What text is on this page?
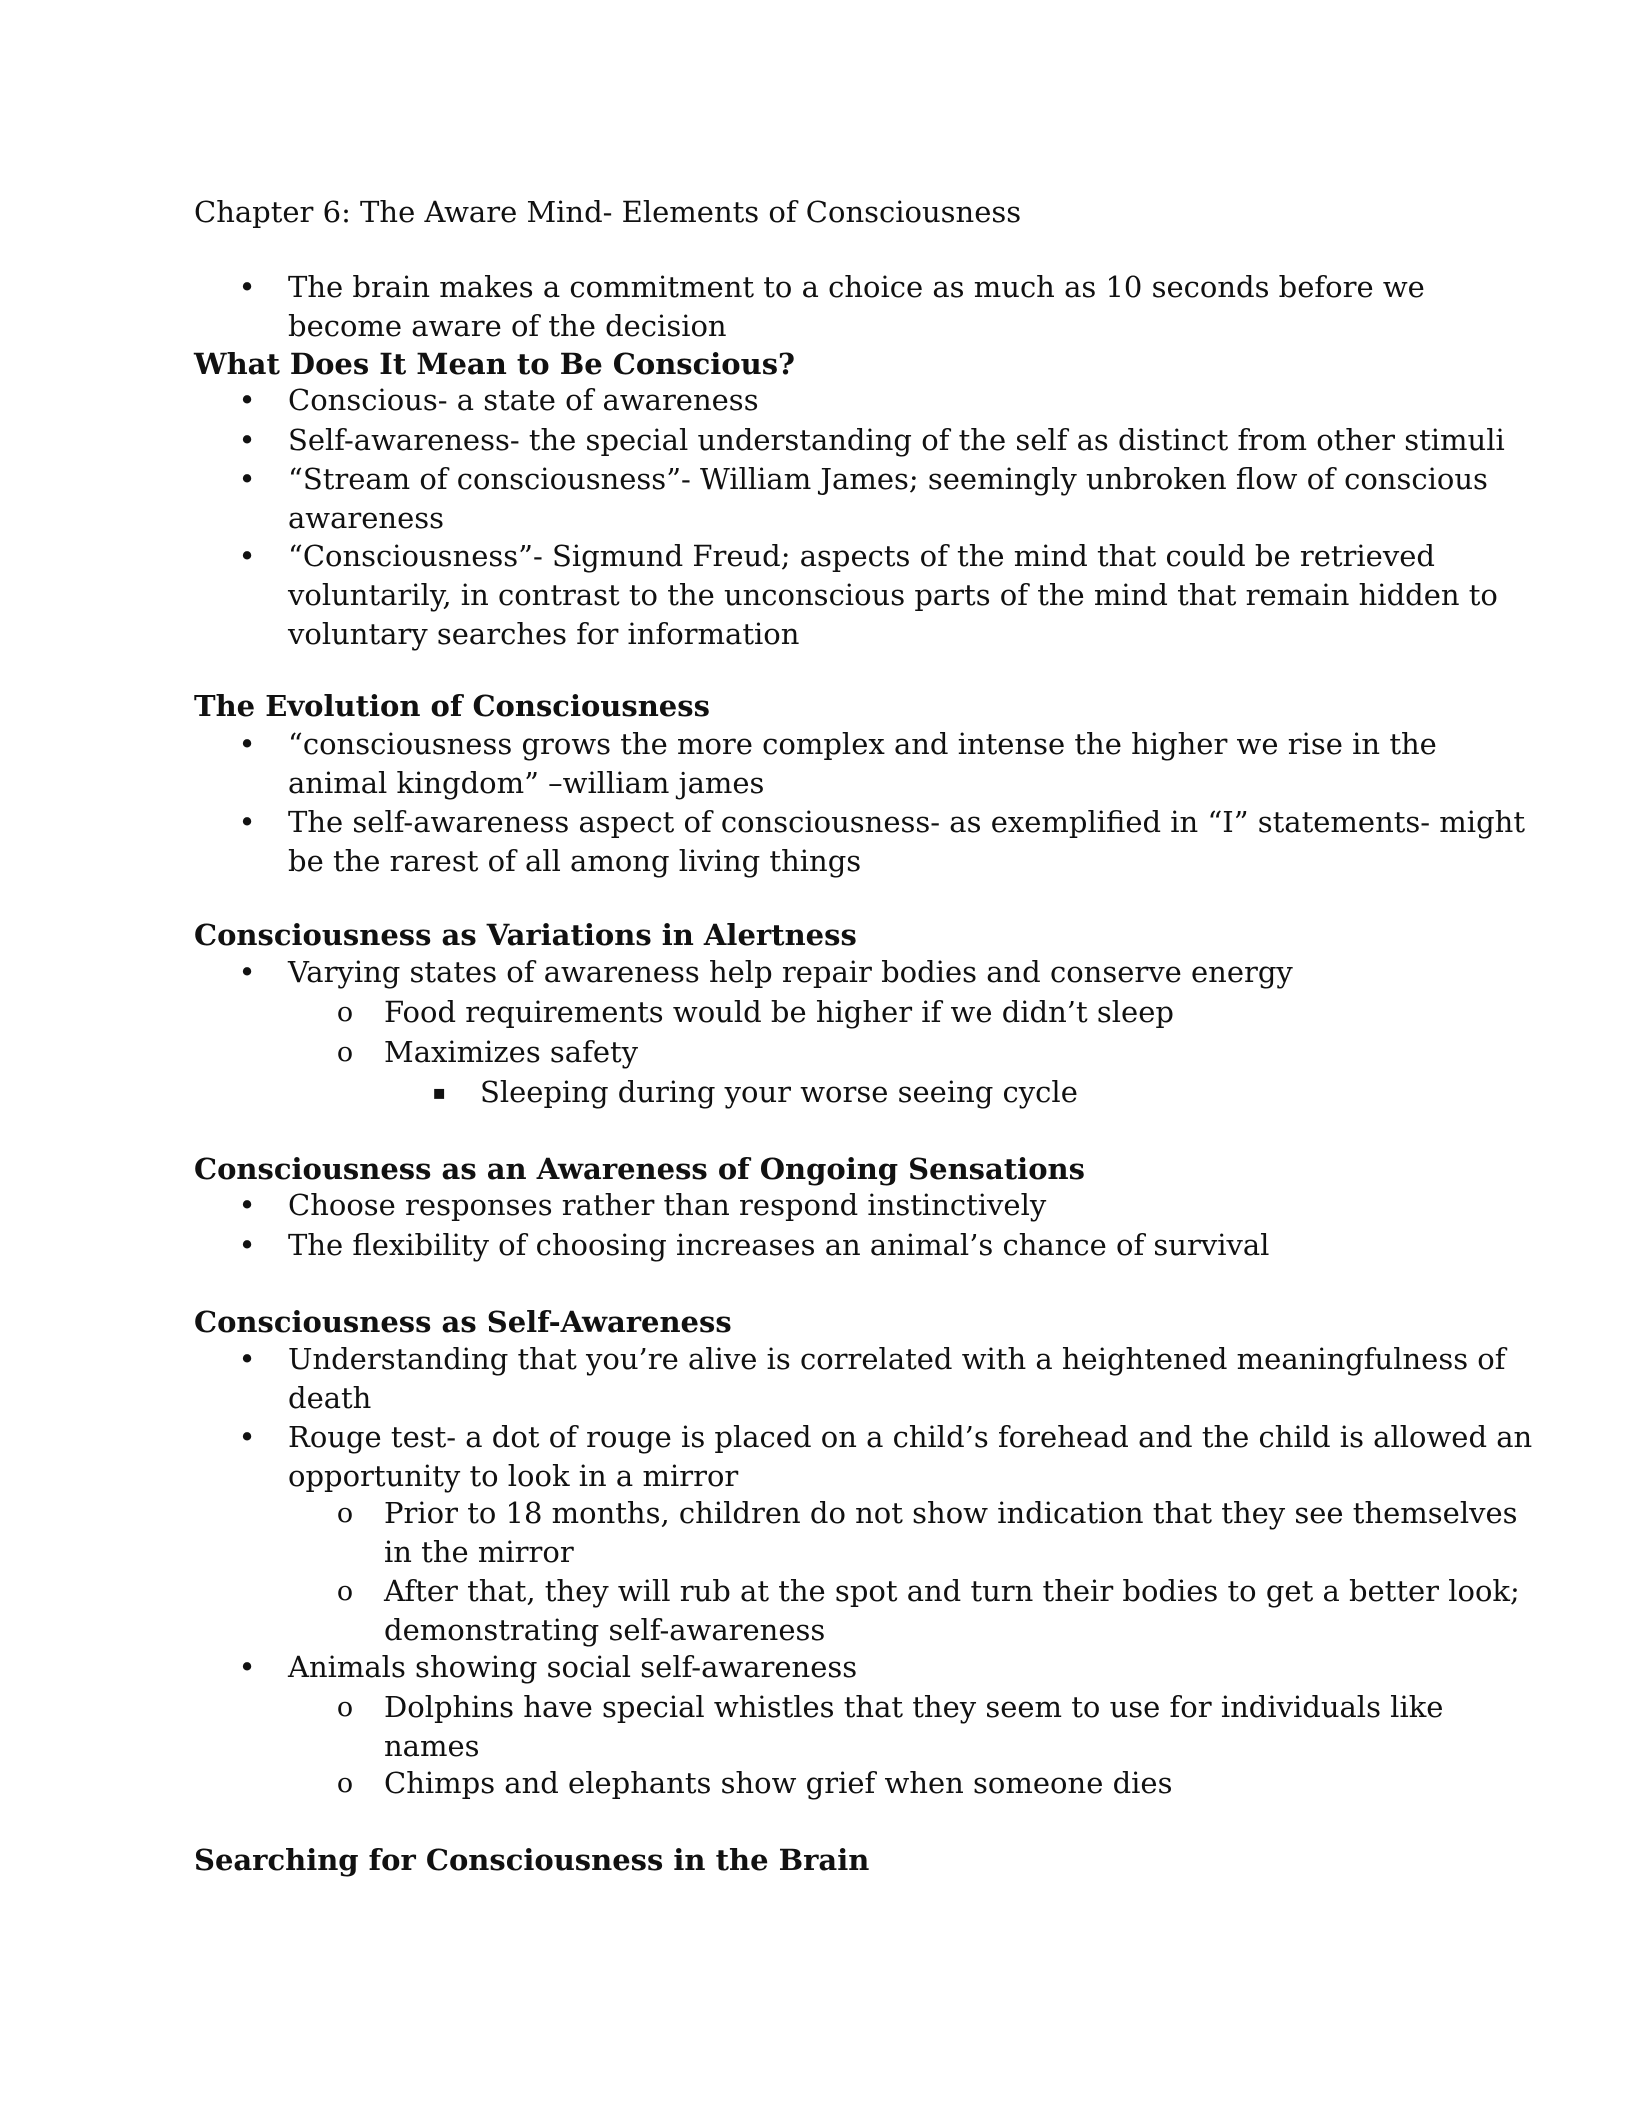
Chapter 6: The Aware Mind- Elements of Consciousness
• The brain makes a commitment to a choice as much as 10 seconds before we
become aware of the decision
What Does It Mean to Be Conscious?
• Conscious- a state of awareness
• Self-awareness- the special understanding of the self as distinct from other stimuli
• “Stream of consciousness”- William James; seemingly unbroken flow of conscious
awareness
• “Consciousness”- Sigmund Freud; aspects of the mind that could be retrieved
voluntarily, in contrast to the unconscious parts of the mind that remain hidden to
voluntary searches for information
The Evolution of Consciousness
• “consciousness grows the more complex and intense the higher we rise in the
animal kingdom” –william james
• The self-awareness aspect of consciousness- as exemplified in “I” statements- might
be the rarest of all among living things
Consciousness as Variations in Alertness
• Varying states of awareness help repair bodies and conserve energy
o Food requirements would be higher if we didn’t sleep
o Maximizes safety
▪ Sleeping during your worse seeing cycle
Consciousness as an Awareness of Ongoing Sensations
• Choose responses rather than respond instinctively
• The flexibility of choosing increases an animal’s chance of survival
Consciousness as Self-Awareness
• Understanding that you’re alive is correlated with a heightened meaningfulness of
death
• Rouge test- a dot of rouge is placed on a child’s forehead and the child is allowed an
opportunity to look in a mirror
o Prior to 18 months, children do not show indication that they see themselves
in the mirror
o After that, they will rub at the spot and turn their bodies to get a better look;
demonstrating self-awareness
• Animals showing social self-awareness
o Dolphins have special whistles that they seem to use for individuals like
names
o Chimps and elephants show grief when someone dies
Searching for Consciousness in the Brain
